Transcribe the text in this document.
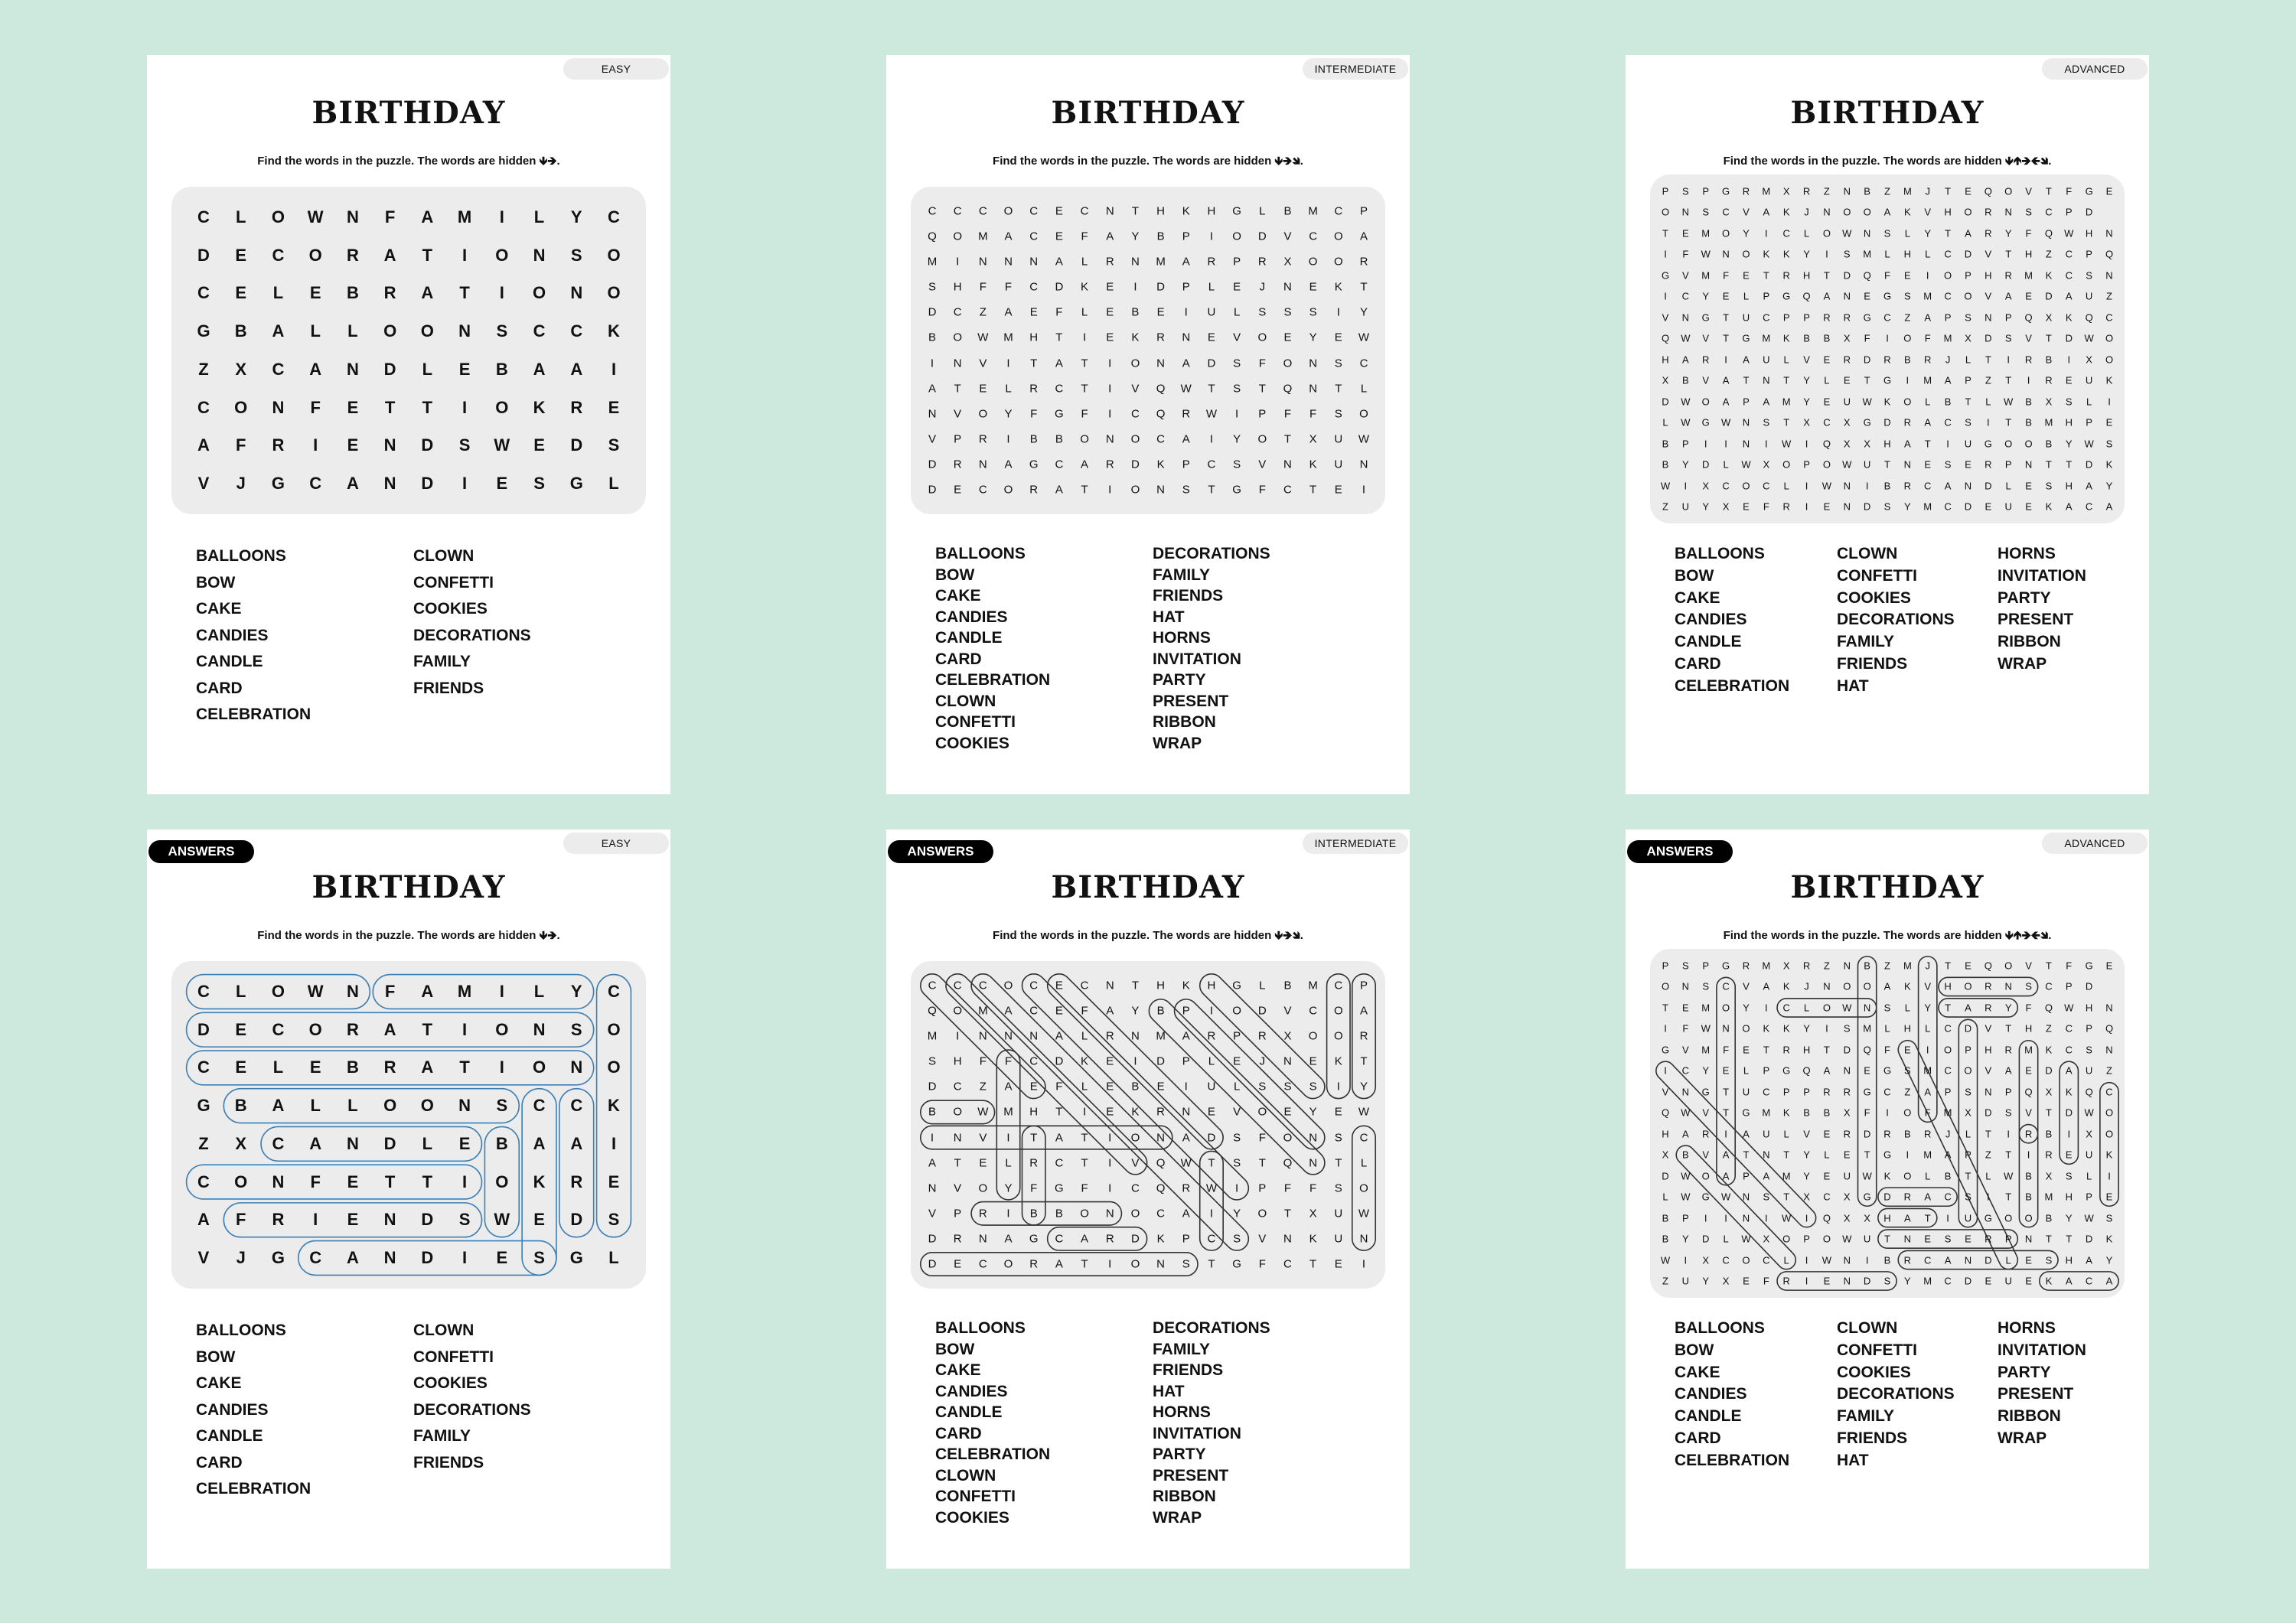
EASY
BIRTHDAY
Find the words in the puzzle. The words are hidden 🡻🡺.
C L O W N F A M I L Y C
D E C O R A T I O N S O
C E L E B R A T I O N O
G B A L L O O N S C C K
Z X C A N D L E B A A I
C O N F E T T I O K R E
A F R I E N D S W E D S
V J G C A N D I E S G L
BALLOONS
BOW
CAKE
CANDIES
CANDLE
CARD
CELEBRATION
CLOWN
CONFETTI
COOKIES
DECORATIONS
FAMILY
FRIENDS
INTERMEDIATE
BIRTHDAY
Find the words in the puzzle. The words are hidden 🡻🡺🡾.
C C C O C E C N T H K H G L B M C P
Q O M A C E F A Y B P I O D V C O A
M I N N N A L R N M A R P R X O O R
S H F F C D K E I D P L E J N E K T
D C Z A E F L E B E I U L S S S I Y
B O W M H T I E K R N E V O E Y E W
I N V I T A T I O N A D S F O N S C
A T E L R C T I V Q W T S T Q N T L
N V O Y F G F I C Q R W I P F F S O
V P R I B B O N O C A I Y O T X U W
D R N A G C A R D K P C S V N K U N
D E C O R A T I O N S T G F C T E I
BALLOONS
BOW
CAKE
CANDIES
CANDLE
CARD
CELEBRATION
CLOWN
CONFETTI
COOKIES
DECORATIONS
FAMILY
FRIENDS
HAT
HORNS
INVITATION
PARTY
PRESENT
RIBBON
WRAP
ADVANCED
BIRTHDAY
Find the words in the puzzle. The words are hidden 🡻🡹🡺🡸🡾.
P S P G R M X R Z N B Z M J T E Q O V T F G E
O N S C V A K J N O O A K V H O R N S C P D
T E M O Y I C L O W N S L Y T A R Y F Q W H N
I F W N O K K Y I S M L H L C D V T H Z C P Q
G V M F E T R H T D Q F E I O P H R M K C S N
I C Y E L P G Q A N E G S M C O V A E D A U Z
V N G T U C P P R R G C Z A P S N P Q X K Q C
Q W V T G M K B B X F I O F M X D S V T D W O
H A R I A U L V E R D R B R J L T I R B I X O
X B V A T N T Y L E T G I M A P Z T I R E U K
D W O A P A M Y E U W K O L B T L W B X S L I
L W G W N S T X C X G D R A C S I T B M H P E
B P I I N I W I Q X X H A T I U G O O B Y W S
B Y D L W X O P O W U T N E S E R P N T T D K
W I X C O C L I W N I B R C A N D L E S H A Y
Z U Y X E F R I E N D S Y M C D E U E K A C A
BALLOONS
BOW
CAKE
CANDIES
CANDLE
CARD
CELEBRATION
CLOWN
CONFETTI
COOKIES
DECORATIONS
FAMILY
FRIENDS
HAT
HORNS
INVITATION
PARTY
PRESENT
RIBBON
WRAP
EASY
ANSWERS
BIRTHDAY
Find the words in the puzzle. The words are hidden 🡻🡺.
C L O W N F A M I L Y C
D E C O R A T I O N S O
C E L E B R A T I O N O
G B A L L O O N S C C K
Z X C A N D L E B A A I
C O N F E T T I O K R E
A F R I E N D S W E D S
V J G C A N D I E S G L
BALLOONS
BOW
CAKE
CANDIES
CANDLE
CARD
CELEBRATION
CLOWN
CONFETTI
COOKIES
DECORATIONS
FAMILY
FRIENDS
INTERMEDIATE
ANSWERS
BIRTHDAY
Find the words in the puzzle. The words are hidden 🡻🡺🡾.
C C C O C E C N T H K H G L B M C P
Q O M A C E F A Y B P I O D V C O A
M I N N N A L R N M A R P R X O O R
S H F F C D K E I D P L E J N E K T
D C Z A E F L E B E I U L S S S I Y
B O W M H T I E K R N E V O E Y E W
I N V I T A T I O N A D S F O N S C
A T E L R C T I V Q W T S T Q N T L
N V O Y F G F I C Q R W I P F F S O
V P R I B B O N O C A I Y O T X U W
D R N A G C A R D K P C S V N K U N
D E C O R A T I O N S T G F C T E I
BALLOONS
BOW
CAKE
CANDIES
CANDLE
CARD
CELEBRATION
CLOWN
CONFETTI
COOKIES
DECORATIONS
FAMILY
FRIENDS
HAT
HORNS
INVITATION
PARTY
PRESENT
RIBBON
WRAP
ADVANCED
ANSWERS
BIRTHDAY
Find the words in the puzzle. The words are hidden 🡻🡹🡺🡸🡾.
P S P G R M X R Z N B Z M J T E Q O V T F G E
O N S C V A K J N O O A K V H O R N S C P D
T E M O Y I C L O W N S L Y T A R Y F Q W H N
I F W N O K K Y I S M L H L C D V T H Z C P Q
G V M F E T R H T D Q F E I O P H R M K C S N
I C Y E L P G Q A N E G S M C O V A E D A U Z
V N G T U C P P R R G C Z A P S N P Q X K Q C
Q W V T G M K B B X F I O F M X D S V T D W O
H A R I A U L V E R D R B R J L T I R B I X O
X B V A T N T Y L E T G I M A P Z T I R E U K
D W O A P A M Y E U W K O L B T L W B X S L I
L W G W N S T X C X G D R A C S I T B M H P E
B P I I N I W I Q X X H A T I U G O O B Y W S
B Y D L W X O P O W U T N E S E R P N T T D K
W I X C O C L I W N I B R C A N D L E S H A Y
Z U Y X E F R I E N D S Y M C D E U E K A C A
BALLOONS
BOW
CAKE
CANDIES
CANDLE
CARD
CELEBRATION
CLOWN
CONFETTI
COOKIES
DECORATIONS
FAMILY
FRIENDS
HAT
HORNS
INVITATION
PARTY
PRESENT
RIBBON
WRAP
